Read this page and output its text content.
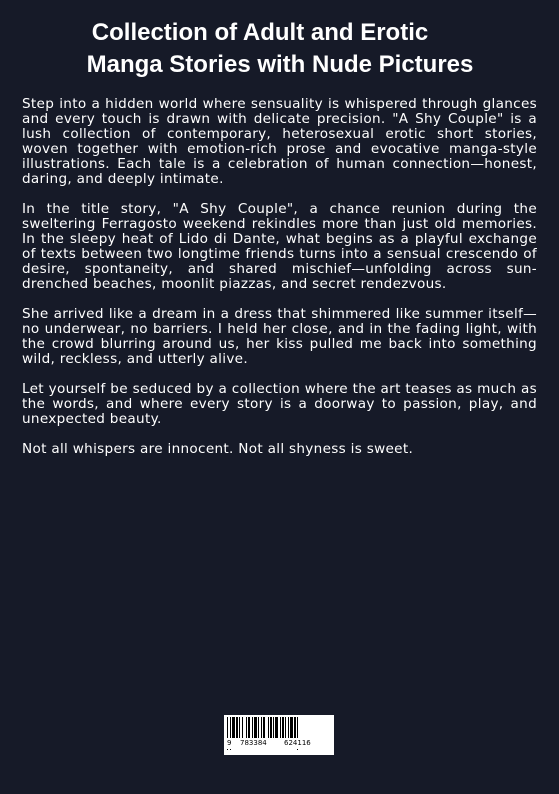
Collection of Adult and Erotic
Manga Stories with Nude Pictures

Step into a hidden world where sensuality is whispered through glances and every touch is drawn with delicate precision. "A Shy Couple" is a lush collection of contemporary, heterosexual erotic short stories, woven together with emotion-rich prose and evocative manga-style illustrations. Each tale is a celebration of human connection—honest, daring, and deeply intimate.

In the title story, "A Shy Couple", a chance reunion during the sweltering Ferragosto weekend rekindles more than just old memories. In the sleepy heat of Lido di Dante, what begins as a playful exchange of texts between two longtime friends turns into a sensual crescendo of desire, spontaneity, and shared mischief—unfolding across sun-drenched beaches, moonlit piazzas, and secret rendezvous.

She arrived like a dream in a dress that shimmered like summer itself—no underwear, no barriers. I held her close, and in the fading light, with the crowd blurring around us, her kiss pulled me back into something wild, reckless, and utterly alive.

Let yourself be seduced by a collection where the art teases as much as the words, and where every story is a doorway to passion, play, and unexpected beauty.

Not all whispers are innocent. Not all shyness is sweet.

9 783384 624116
